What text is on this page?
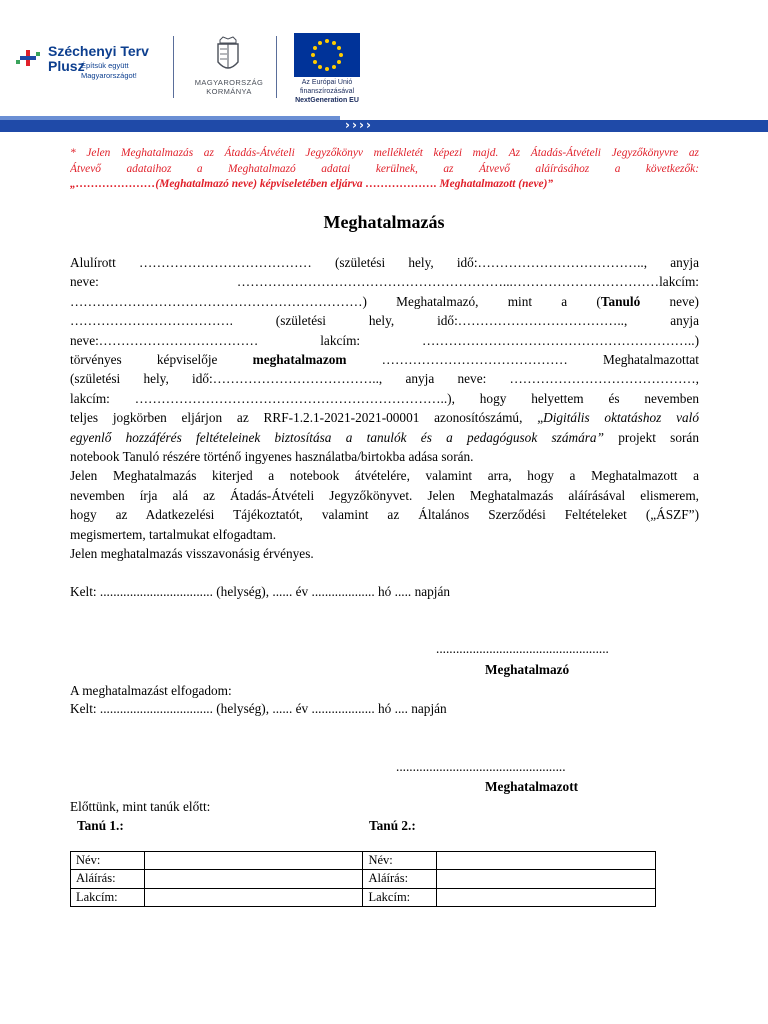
Széchenyi Terv
Plusz
Építsük együtt
Magyarországot!
MAGYARORSZÁG
KORMÁNYA
Az Európai Unió
finanszírozásával
NextGeneration EU
› › › ›
* Jelen Meghatalmazás az Átadás-Átvételi Jegyzőkönyv mellékletét képezi majd. Az Átadás-Átvételi Jegyzőkönyvre az
Átvevő adataihoz a Meghatalmazó adatai kerülnek, az Átvevő aláírásához a következők:
„…………………(Meghatalmazó neve) képviseletében eljárva ………………. Meghatalmazott (neve)”
Meghatalmazás
Alulírott ………………………………… (születési hely, idő:……………………………….., anyja
neve: ……………………………………………………...……………………………lakcím:
…………………………………………………………) Meghatalmazó, mint a (Tanuló neve)
………………………………. (születési hely, idő:……………………………….., anyja
neve:……………………………… lakcím: ……………………………………………………..)
törvényes képviselője meghatalmazom …………………………………… Meghatalmazottat
(születési hely, idő:……………………………….., anyja neve: ……………………………………,
lakcím: ……………………………………………………………..), hogy helyettem és nevemben
teljes jogkörben eljárjon az RRF-1.2.1-2021-2021-00001 azonosítószámú, „Digitális oktatáshoz való
egyenlő hozzáférés feltételeinek biztosítása a tanulók és a pedagógusok számára” projekt során
notebook Tanuló részére történő ingyenes használatba/birtokba adása során.
Jelen Meghatalmazás kiterjed a notebook átvételére, valamint arra, hogy a Meghatalmazott a
nevemben írja alá az Átadás-Átvételi Jegyzőkönyvet. Jelen Meghatalmazás aláírásával elismerem,
hogy az Adatkezelési Tájékoztatót, valamint az Általános Szerződési Feltételeket („ÁSZF”)
megismertem, tartalmukat elfogadtam.
Jelen meghatalmazás visszavonásig érvényes.
Kelt: .................................. (helység), ...... év ................... hó ..... napján
....................................................
Meghatalmazó
A meghatalmazást elfogadom:
Kelt: .................................. (helység), ...... év ................... hó .... napján
...................................................
Meghatalmazott
Előttünk, mint tanúk előtt:
Tanú 1.:	Tanú 2.:
Név:		Név:	
Aláírás:		Aláírás:	
Lakcím:		Lakcím:	
